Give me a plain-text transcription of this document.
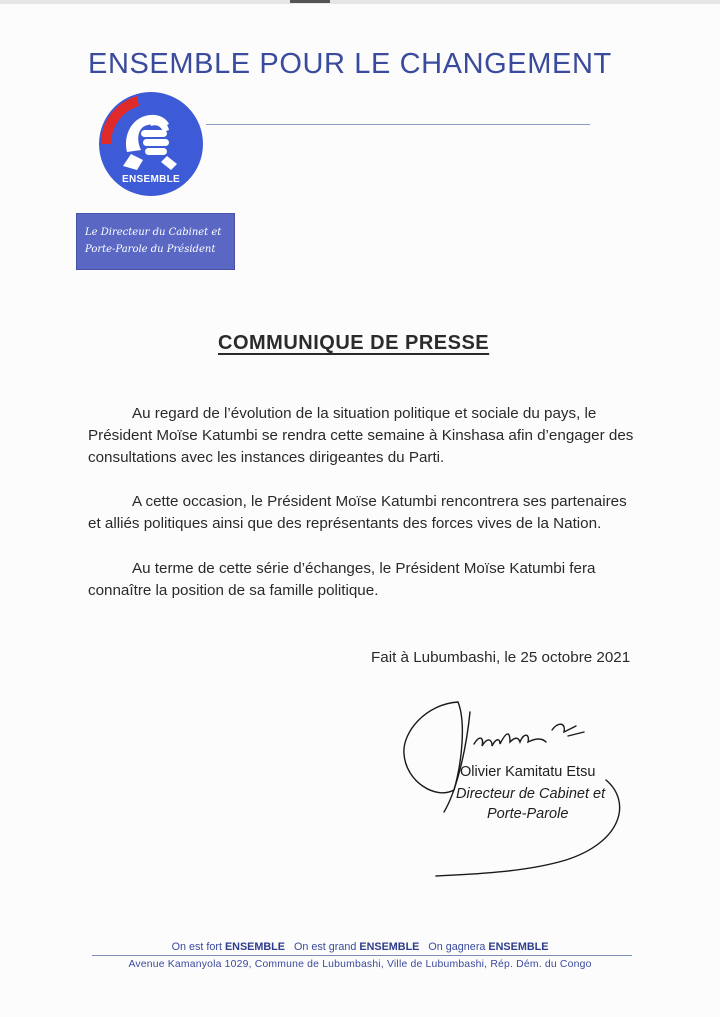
ENSEMBLE POUR LE CHANGEMENT
ENSEMBLE
Le Directeur du Cabinet et
Porte-Parole du Président
COMMUNIQUE DE PRESSE

Au regard de l’évolution de la situation politique et sociale du pays, le Président Moïse Katumbi se rendra cette semaine à Kinshasa afin d’engager des consultations avec les instances dirigeantes du Parti.

A cette occasion, le Président Moïse Katumbi rencontrera ses partenaires et alliés politiques ainsi que des représentants des forces vives de la Nation.

Au terme de cette série d’échanges, le Président Moïse Katumbi fera connaître la position de sa famille politique.

Fait à Lubumbashi, le 25 octobre 2021
Olivier Kamitatu Etsu
Directeur de Cabinet et
Porte-Parole
On est fort ENSEMBLE On est grand ENSEMBLE On gagnera ENSEMBLE
Avenue Kamanyola 1029, Commune de Lubumbashi, Ville de Lubumbashi, Rép. Dém. du Congo
